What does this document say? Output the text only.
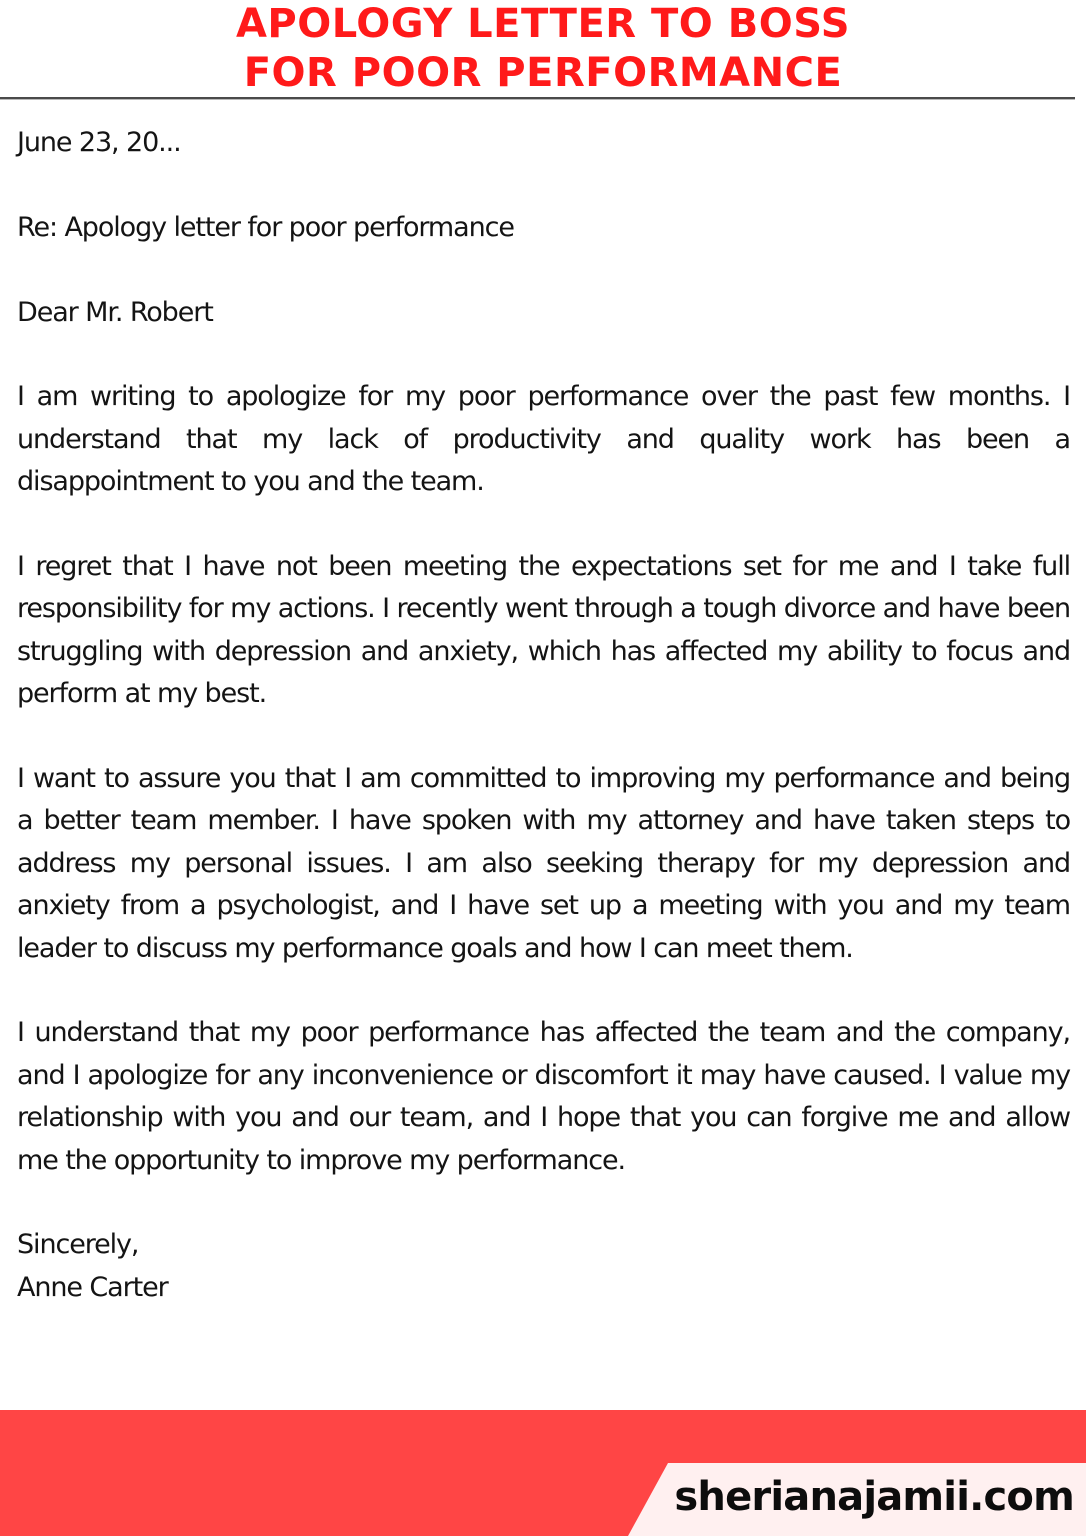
APOLOGY LETTER TO BOSS
FOR POOR PERFORMANCE

June 23, 20...

Re: Apology letter for poor performance

Dear Mr. Robert

I am writing to apologize for my poor performance over the past few months. I understand that my lack of productivity and quality work has been a disappointment to you and the team.

I regret that I have not been meeting the expectations set for me and I take full responsibility for my actions. I recently went through a tough divorce and have been struggling with depression and anxiety, which has affected my ability to focus and perform at my best.

I want to assure you that I am committed to improving my performance and being a better team member. I have spoken with my attorney and have taken steps to address my personal issues. I am also seeking therapy for my depression and anxiety from a psychologist, and I have set up a meeting with you and my team leader to discuss my performance goals and how I can meet them.

I understand that my poor performance has affected the team and the company, and I apologize for any inconvenience or discomfort it may have caused. I value my relationship with you and our team, and I hope that you can forgive me and allow me the opportunity to improve my performance.

Sincerely,

Anne Carter

sherianajamii.com
